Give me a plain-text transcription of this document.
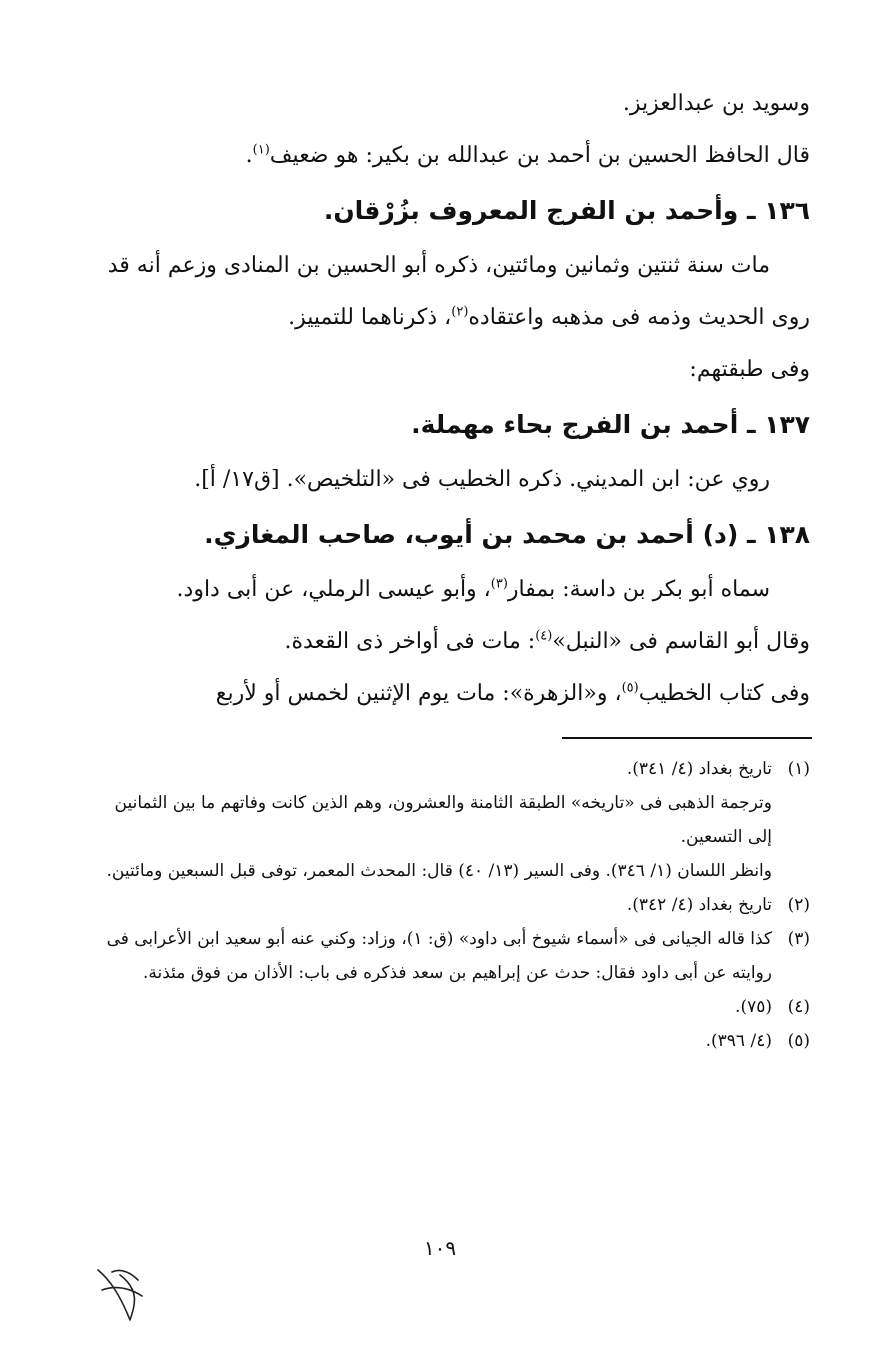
وسويد بن عبدالعزيز.
قال الحافظ الحسين بن أحمد بن عبدالله بن بكير: هو ضعيف$^{(١)}$.
١٣٦ ـ وأحمد بن الفرج المعروف بزُرْقان.
مات سنة ثنتين وثمانين ومائتين، ذكره أبو الحسين بن المنادى وزعم أنه قد
روى الحديث وذمه فى مذهبه واعتقاده$^{(٢)}$، ذكرناهما للتمييز.
وفى طبقتهم:
١٣٧ ـ أحمد بن الفرج بحاء مهملة.
روي عن: ابن المديني. ذكره الخطيب فى «التلخيص». [ق١٧/ أ].
١٣٨ ـ (د) أحمد بن محمد بن أيوب، صاحب المغازي.
سماه أبو بكر بن داسة: بمفار$^{(٣)}$، وأبو عيسى الرملي، عن أبى داود.
وقال أبو القاسم فى «النبل»$^{(٤)}$: مات فى أواخر ذى القعدة.
وفى كتاب الخطيب$^{(٥)}$، و«الزهرة»: مات يوم الإثنين لخمس أو لأربع
(١)
تاريخ بغداد (٤/ ٣٤١).
وترجمة الذهبى فى «تاريخه» الطبقة الثامنة والعشرون، وهم الذين كانت وفاتهم ما بين الثمانين إلى التسعين.
وانظر اللسان (١/ ٣٤٦). وفى السير (١٣/ ٤٠) قال: المحدث المعمر، توفى قبل السبعين ومائتين.
(٢)
تاريخ بغداد (٤/ ٣٤٢).
(٣)
كذا قاله الجيانى فى «أسماء شيوخ أبى داود» (ق: ١)، وزاد: وكني عنه أبو سعيد ابن الأعرابى فى روايته عن أبى داود فقال: حدث عن إبراهيم بن سعد فذكره فى باب: الأذان من فوق مئذنة.
(٤)
(٧٥).
(٥)
(٤/ ٣٩٦).
١٠٩
